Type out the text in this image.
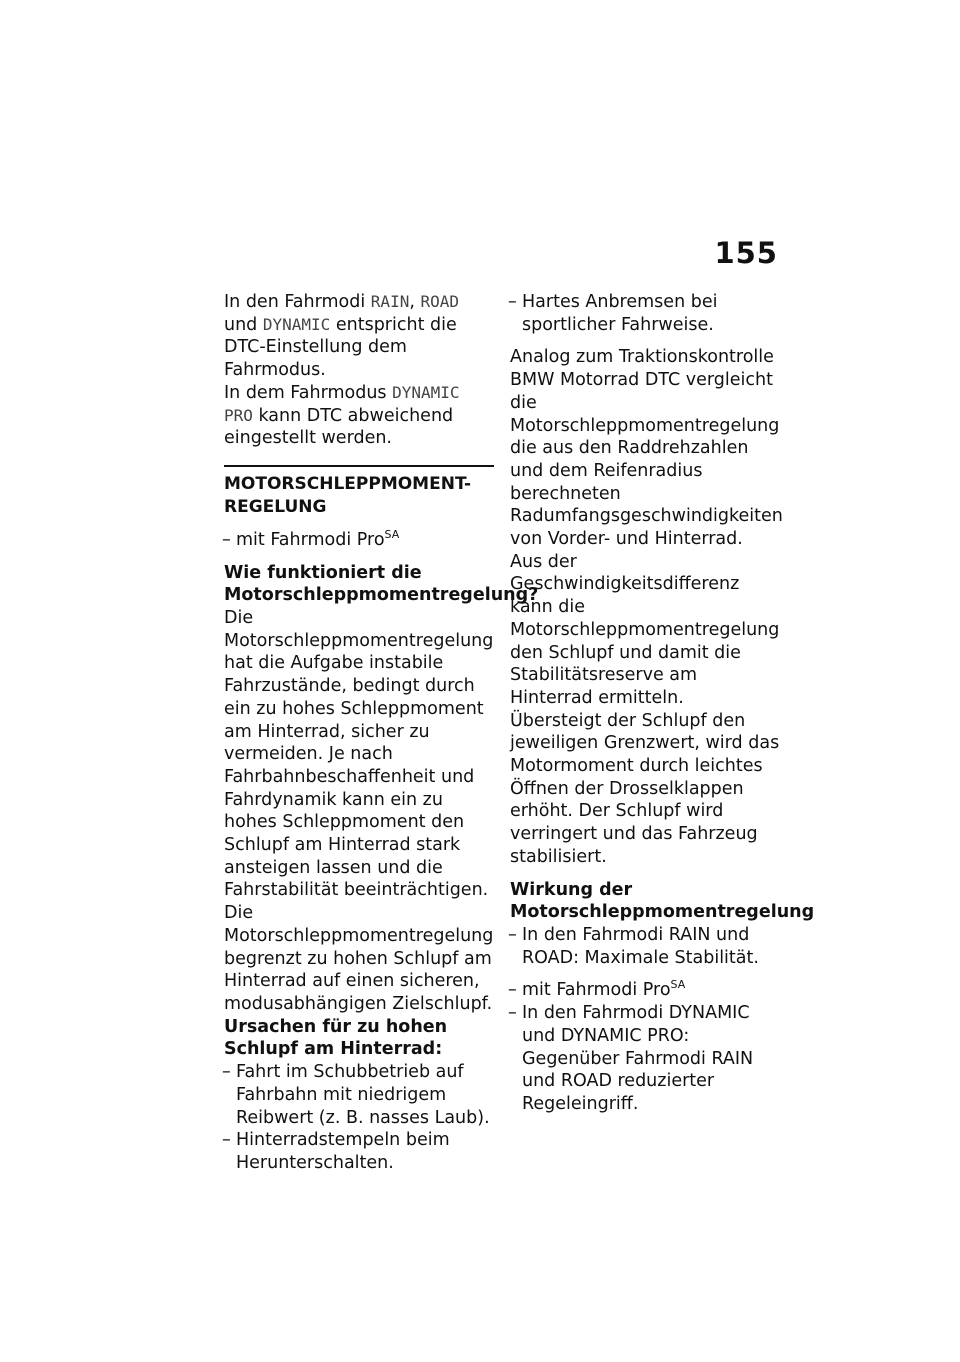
155

In den Fahrmodi RAIN, ROAD und DYNAMIC entspricht die DTC-Einstellung dem Fahrmodus.

In dem Fahrmodus DYNAMIC PRO kann DTC abweichend eingestellt werden.

MOTORSCHLEPPMOMENT-REGELUNG

– mit Fahrmodi Pro$^{SA}$

Wie funktioniert die Motorschleppmomentregelung?

Die Motorschleppmomentregelung hat die Aufgabe instabile Fahrzustände, bedingt durch ein zu hohes Schleppmoment am Hinterrad, sicher zu vermeiden. Je nach Fahrbahnbeschaffenheit und Fahrdynamik kann ein zu hohes Schleppmoment den Schlupf am Hinterrad stark ansteigen lassen und die Fahrstabilität beeinträchtigen. Die Motorschleppmomentregelung begrenzt zu hohen Schlupf am Hinterrad auf einen sicheren, modusabhängigen Zielschlupf.

Ursachen für zu hohen Schlupf am Hinterrad:

– Fahrt im Schubbetrieb auf Fahrbahn mit niedrigem Reibwert (z. B. nasses Laub).

– Hinterradstempeln beim Herunterschalten.

– Hartes Anbremsen bei sportlicher Fahrweise.

Analog zum Traktionskontrolle BMW Motorrad DTC vergleicht die Motorschleppmomentregelung die aus den Raddrehzahlen und dem Reifenradius berechneten Radumfangsgeschwindigkeiten von Vorder- und Hinterrad. Aus der Geschwindigkeitsdifferenz kann die Motorschleppmomentregelung den Schlupf und damit die Stabilitätsreserve am Hinterrad ermitteln.

Übersteigt der Schlupf den jeweiligen Grenzwert, wird das Motormoment durch leichtes Öffnen der Drosselklappen erhöht. Der Schlupf wird verringert und das Fahrzeug stabilisiert.

Wirkung der Motorschleppmomentregelung

– In den Fahrmodi RAIN und ROAD: Maximale Stabilität.

– mit Fahrmodi Pro$^{SA}$

– In den Fahrmodi DYNAMIC und DYNAMIC PRO: Gegenüber Fahrmodi RAIN und ROAD reduzierter Regeleingriff.
